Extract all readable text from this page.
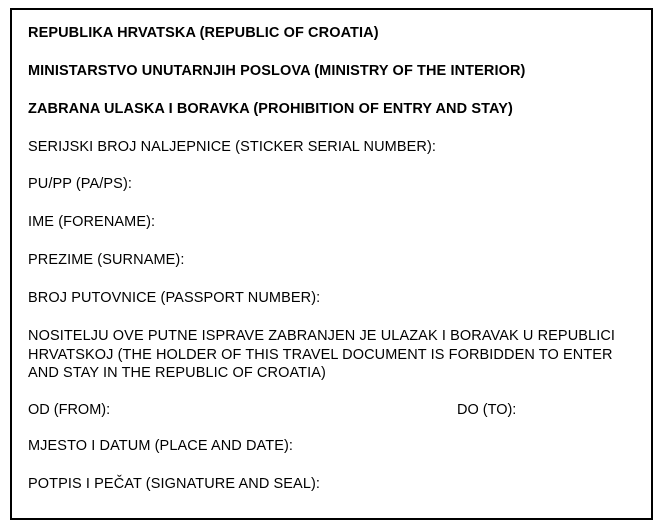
REPUBLIKA HRVATSKA (REPUBLIC OF CROATIA)
MINISTARSTVO UNUTARNJIH POSLOVA (MINISTRY OF THE INTERIOR)
ZABRANA ULASKA I BORAVKA (PROHIBITION OF ENTRY AND STAY)
SERIJSKI BROJ NALJEPNICE (STICKER SERIAL NUMBER):
PU/PP (PA/PS):
IME (FORENAME):
PREZIME (SURNAME):
BROJ PUTOVNICE (PASSPORT NUMBER):
NOSITELJU OVE PUTNE ISPRAVE ZABRANJEN JE ULAZAK I BORAVAK U REPUBLICI HRVATSKOJ (THE HOLDER OF THIS TRAVEL DOCUMENT IS FORBIDDEN TO ENTER AND STAY IN THE REPUBLIC OF CROATIA)
OD (FROM):	DO (TO):
MJESTO I DATUM (PLACE AND DATE):
POTPIS I PEČAT (SIGNATURE AND SEAL):
